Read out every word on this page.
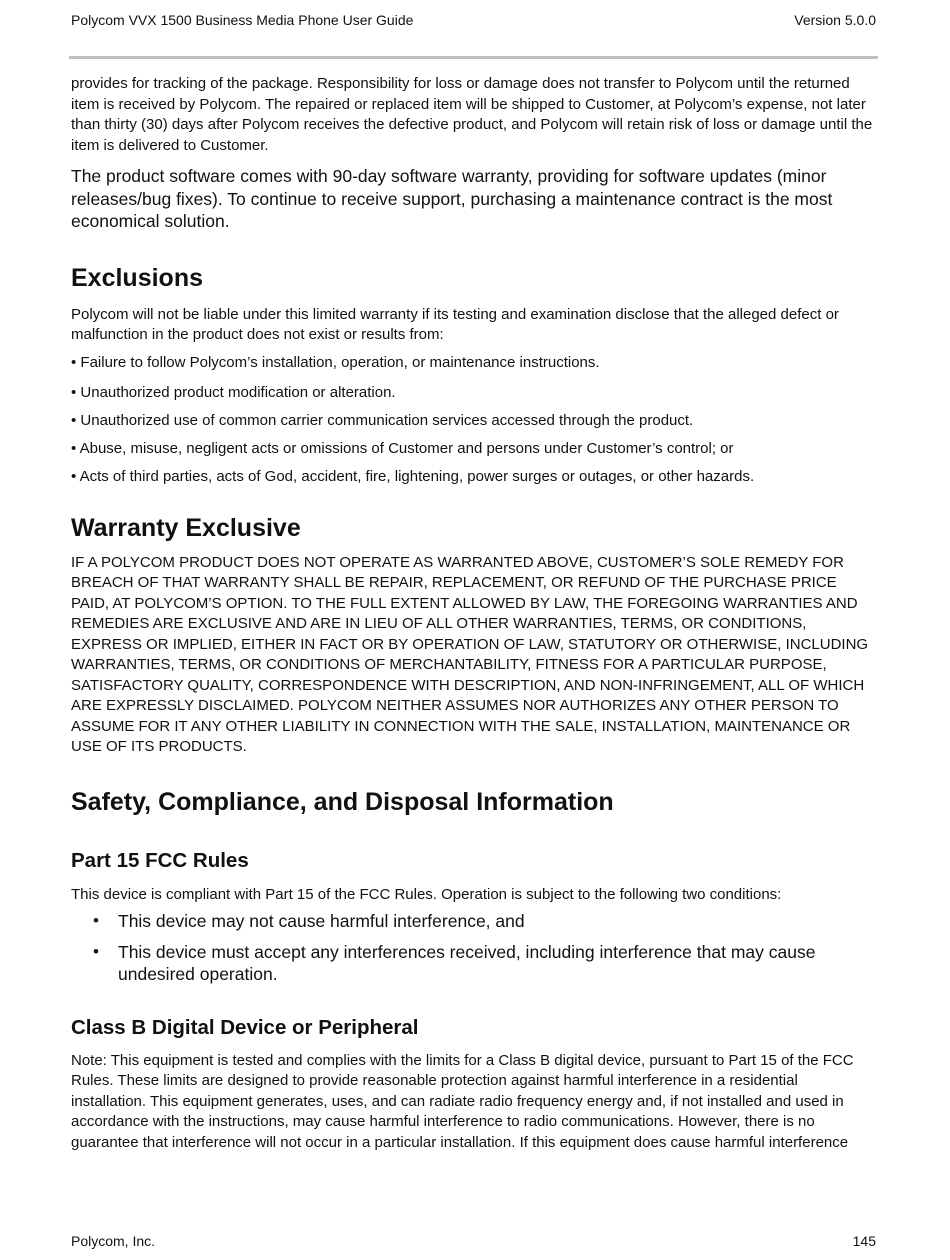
Polycom VVX 1500 Business Media Phone User Guide	Version 5.0.0

provides for tracking of the package. Responsibility for loss or damage does not transfer to Polycom until the returned item is received by Polycom. The repaired or replaced item will be shipped to Customer, at Polycom’s expense, not later than thirty (30) days after Polycom receives the defective product, and Polycom will retain risk of loss or damage until the item is delivered to Customer.

The product software comes with 90-day software warranty, providing for software updates (minor releases/bug fixes). To continue to receive support, purchasing a maintenance contract is the most economical solution.

Exclusions

Polycom will not be liable under this limited warranty if its testing and examination disclose that the alleged defect or malfunction in the product does not exist or results from:

• Failure to follow Polycom’s installation, operation, or maintenance instructions.

• Unauthorized product modification or alteration.

• Unauthorized use of common carrier communication services accessed through the product.

• Abuse, misuse, negligent acts or omissions of Customer and persons under Customer’s control; or

• Acts of third parties, acts of God, accident, fire, lightening, power surges or outages, or other hazards.

Warranty Exclusive

IF A POLYCOM PRODUCT DOES NOT OPERATE AS WARRANTED ABOVE, CUSTOMER’S SOLE REMEDY FOR BREACH OF THAT WARRANTY SHALL BE REPAIR, REPLACEMENT, OR REFUND OF THE PURCHASE PRICE PAID, AT POLYCOM’S OPTION. TO THE FULL EXTENT ALLOWED BY LAW, THE FOREGOING WARRANTIES AND REMEDIES ARE EXCLUSIVE AND ARE IN LIEU OF ALL OTHER WARRANTIES, TERMS, OR CONDITIONS, EXPRESS OR IMPLIED, EITHER IN FACT OR BY OPERATION OF LAW, STATUTORY OR OTHERWISE, INCLUDING WARRANTIES, TERMS, OR CONDITIONS OF MERCHANTABILITY, FITNESS FOR A PARTICULAR PURPOSE, SATISFACTORY QUALITY, CORRESPONDENCE WITH DESCRIPTION, AND NON-INFRINGEMENT, ALL OF WHICH ARE EXPRESSLY DISCLAIMED. POLYCOM NEITHER ASSUMES NOR AUTHORIZES ANY OTHER PERSON TO ASSUME FOR IT ANY OTHER LIABILITY IN CONNECTION WITH THE SALE, INSTALLATION, MAINTENANCE OR USE OF ITS PRODUCTS.

Safety, Compliance, and Disposal Information
Part 15 FCC Rules

This device is compliant with Part 15 of the FCC Rules. Operation is subject to the following two conditions:

• This device may not cause harmful interference, and
• This device must accept any interferences received, including interference that may cause undesired operation.
Class B Digital Device or Peripheral

Note: This equipment is tested and complies with the limits for a Class B digital device, pursuant to Part 15 of the FCC Rules. These limits are designed to provide reasonable protection against harmful interference in a residential installation. This equipment generates, uses, and can radiate radio frequency energy and, if not installed and used in accordance with the instructions, may cause harmful interference to radio communications. However, there is no guarantee that interference will not occur in a particular installation. If this equipment does cause harmful interference

Polycom, Inc.	145
